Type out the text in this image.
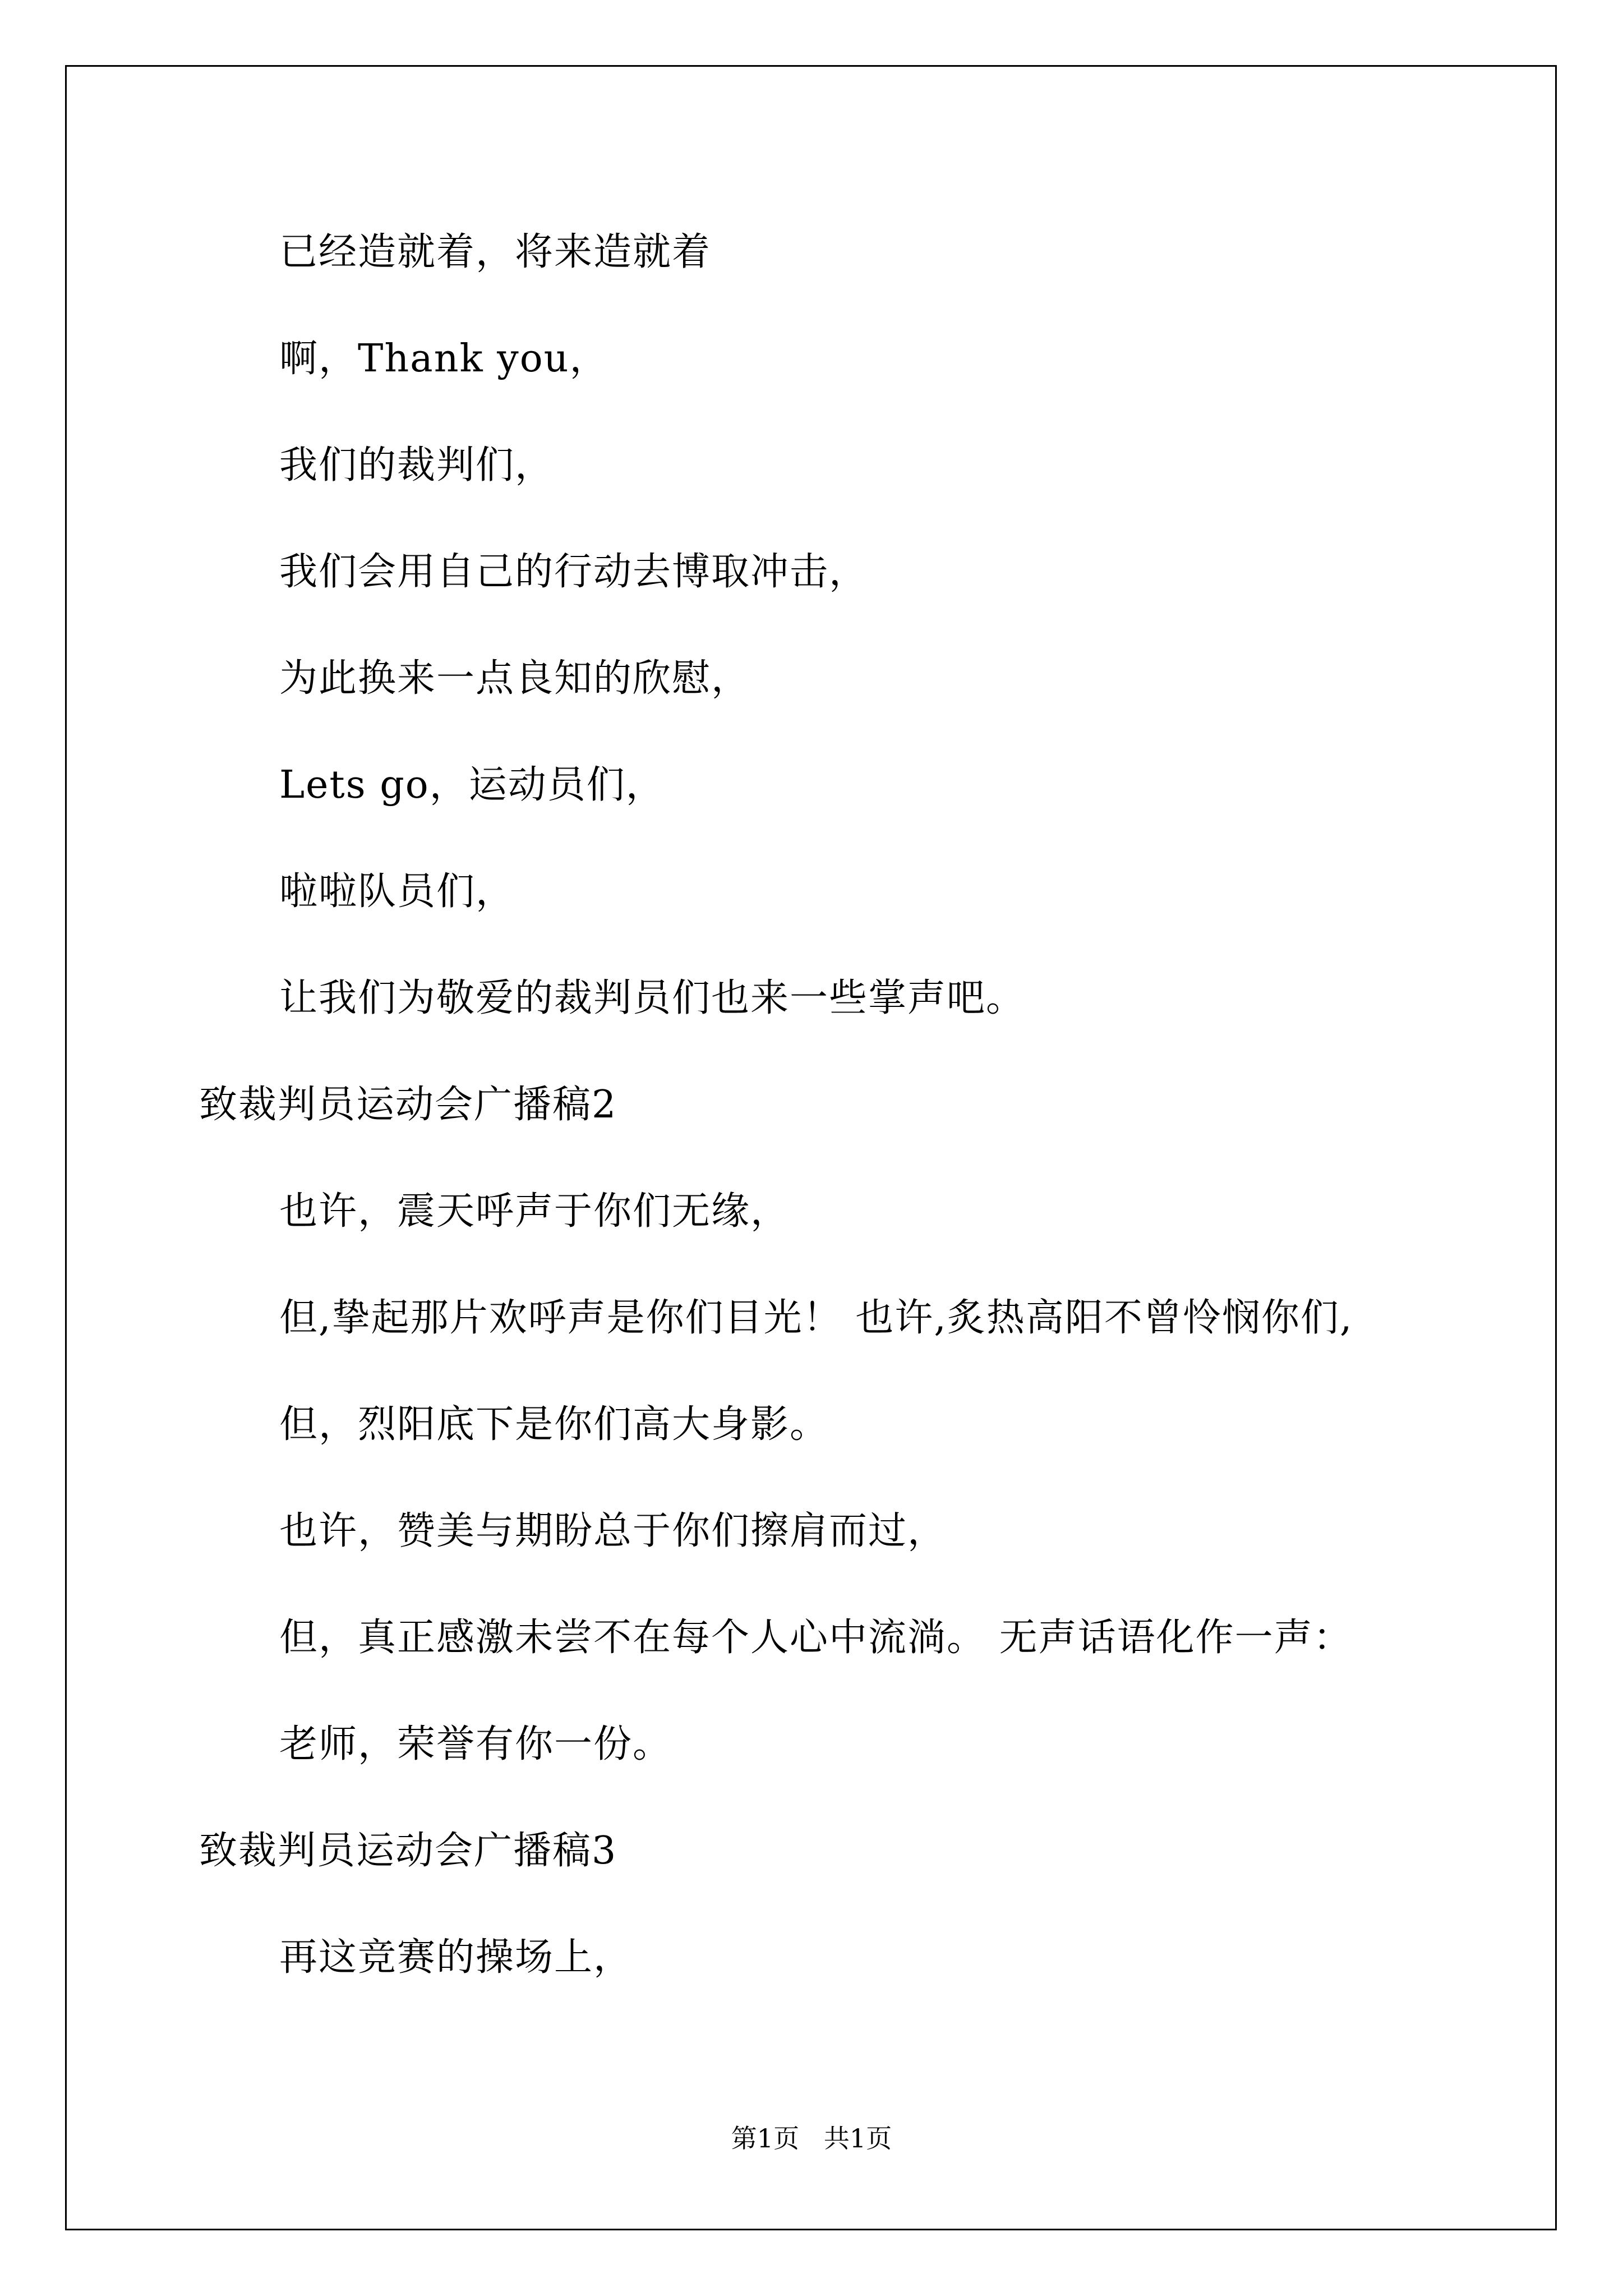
已经造就着，将来造就着
啊，Thank you，
我们的裁判们，
我们会用自己的行动去博取冲击，
为此换来一点良知的欣慰，
Lets go，运动员们，
啦啦队员们，
让我们为敬爱的裁判员们也来一些掌声吧。
致裁判员运动会广播稿2
也许，震天呼声于你们无缘，
但,挚起那片欢呼声是你们目光！ 也许,炙热高阳不曾怜悯你们,
但，烈阳底下是你们高大身影。
也许，赞美与期盼总于你们擦肩而过，
但，真正感激未尝不在每个人心中流淌。 无声话语化作一声：
老师，荣誉有你一份。
致裁判员运动会广播稿3
再这竞赛的操场上，
第1页   共1页
